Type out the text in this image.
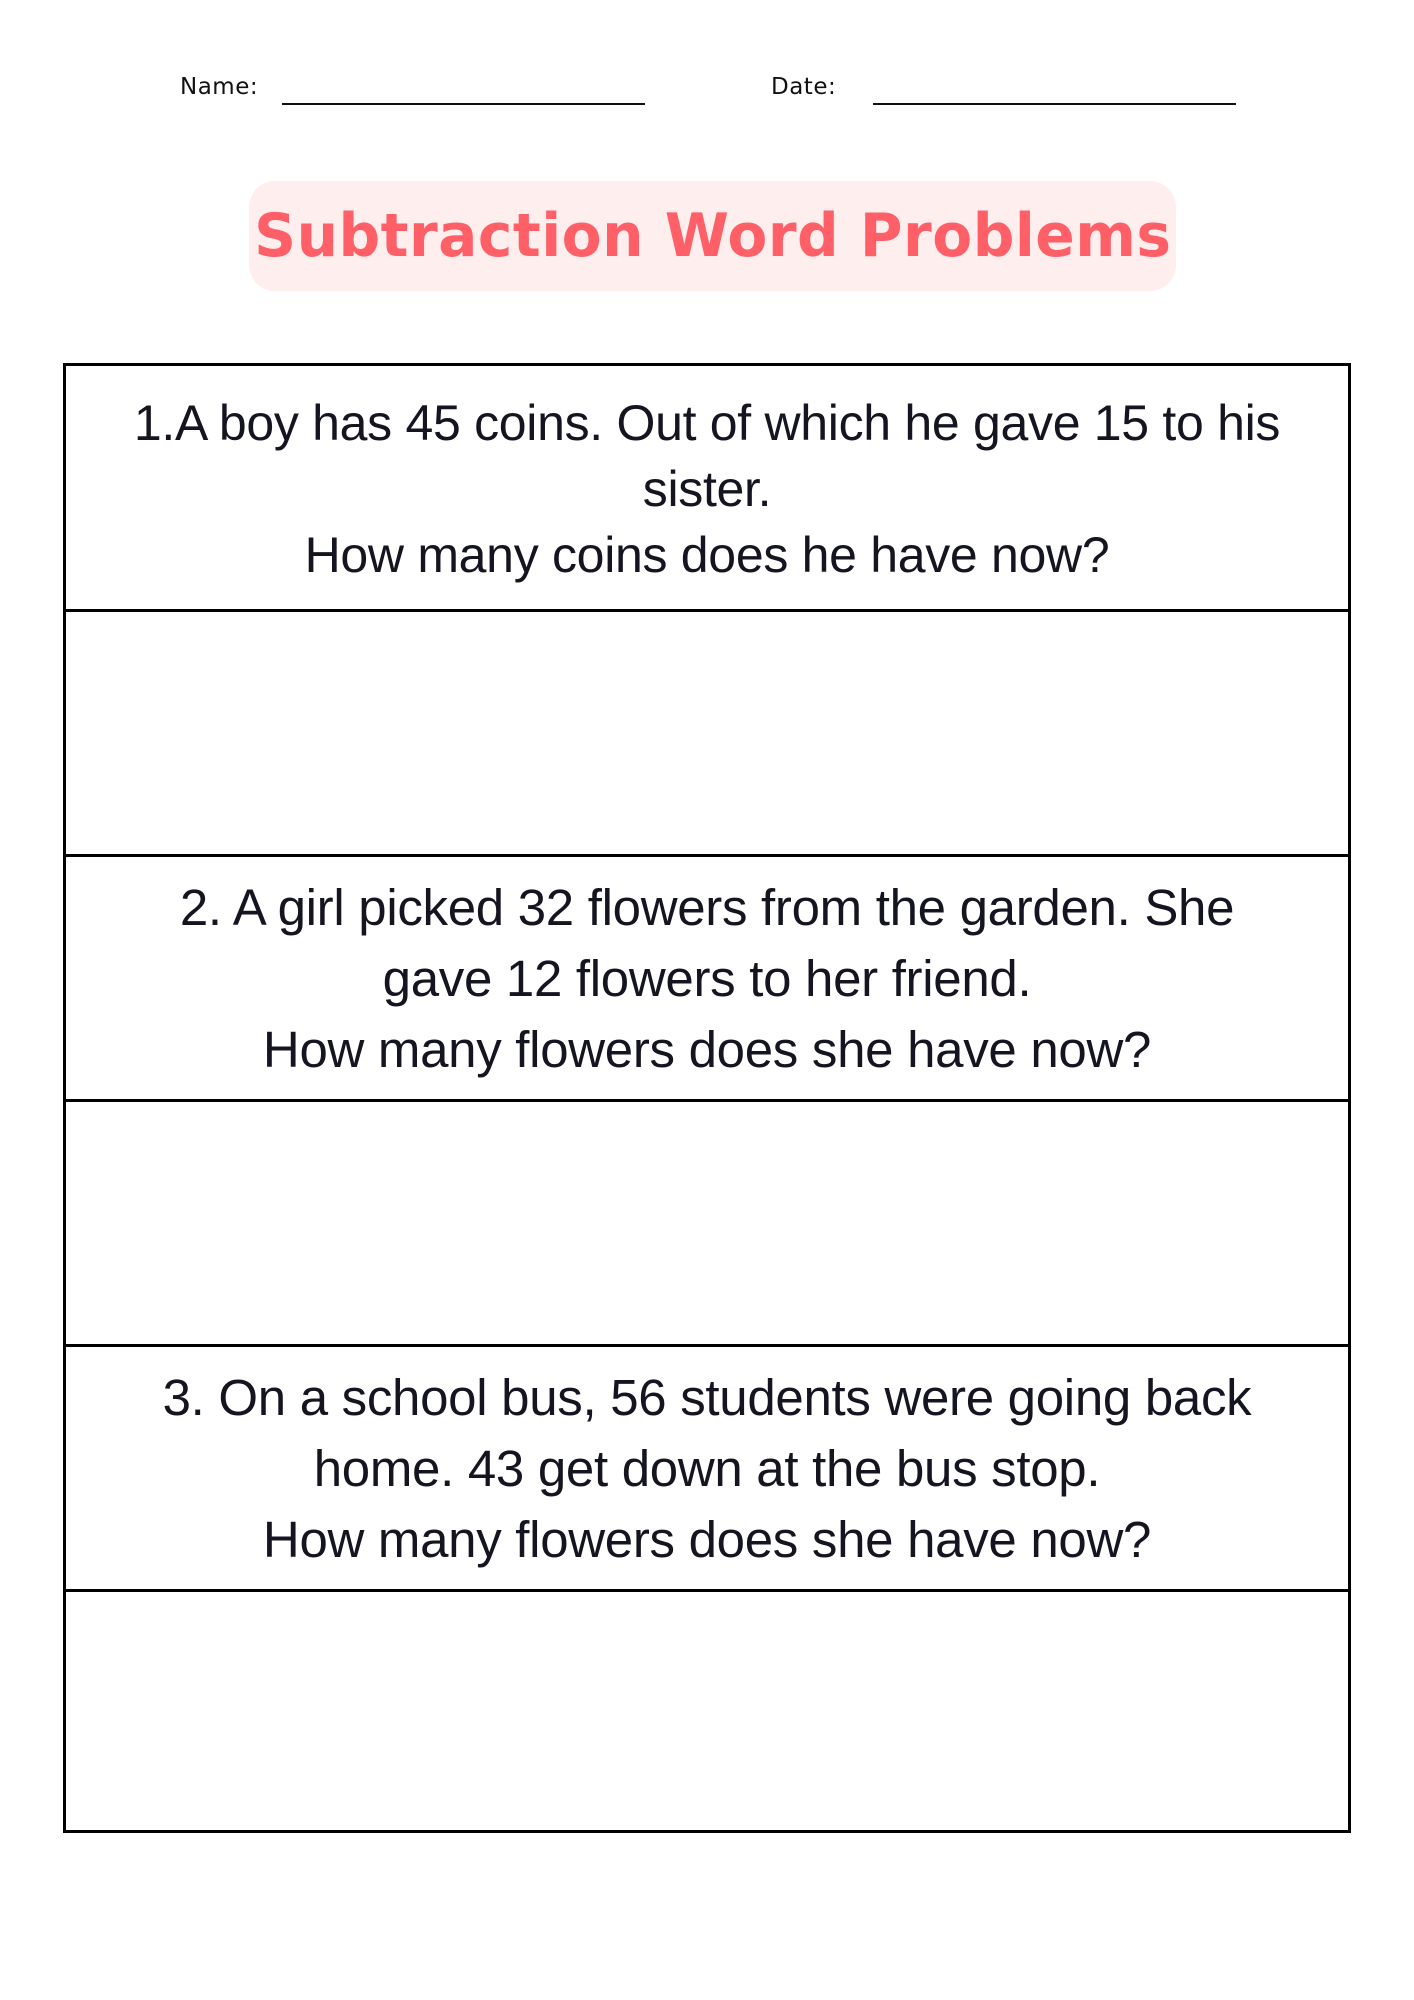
Name:	Date:
Subtraction Word Problems
1.A boy has 45 coins. Out of which he gave 15 to his
sister.
How many coins does he have now?
2. A girl picked 32 flowers from the garden. She
gave 12 flowers to her friend.
How many flowers does she have now?
3. On a school bus, 56 students were going back
home. 43 get down at the bus stop.
How many flowers does she have now?
